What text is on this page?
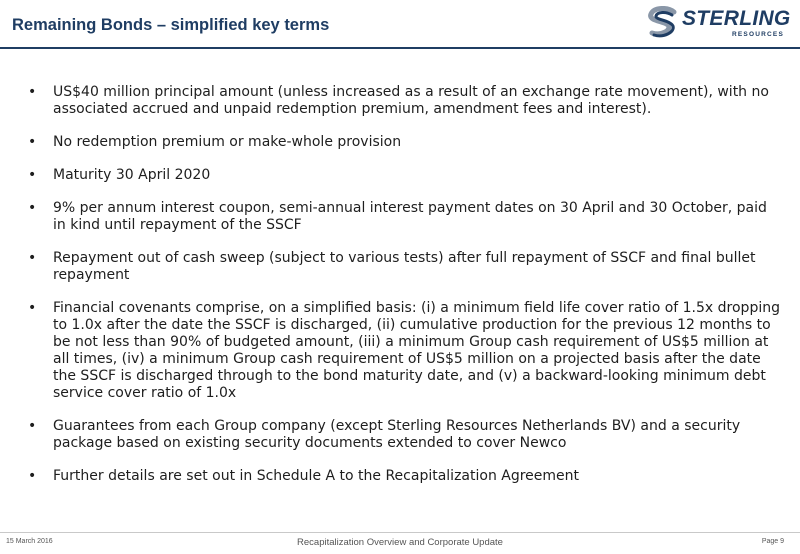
Remaining Bonds – simplified key terms	STERLING
RESOURCES
• US$40 million principal amount (unless increased as a result of an exchange rate movement), with no associated accrued and unpaid redemption premium, amendment fees and interest).
• No redemption premium or make-whole provision
• Maturity 30 April 2020
• 9% per annum interest coupon, semi-annual interest payment dates on 30 April and 30 October, paid in kind until repayment of the SSCF
• Repayment out of cash sweep (subject to various tests) after full repayment of SSCF and final bullet repayment
• Financial covenants comprise, on a simplified basis: (i) a minimum field life cover ratio of 1.5x dropping to 1.0x after the date the SSCF is discharged, (ii) cumulative production for the previous 12 months to be not less than 90% of budgeted amount, (iii) a minimum Group cash requirement of US$5 million at all times, (iv) a minimum Group cash requirement of US$5 million on a projected basis after the date the SSCF is discharged through to the bond maturity date, and (v) a backward-looking minimum debt service cover ratio of 1.0x
• Guarantees from each Group company (except Sterling Resources Netherlands BV) and a security package based on existing security documents extended to cover Newco
• Further details are set out in Schedule A to the Recapitalization Agreement
15 March 2016	Recapitalization Overview and Corporate Update	Page 9
